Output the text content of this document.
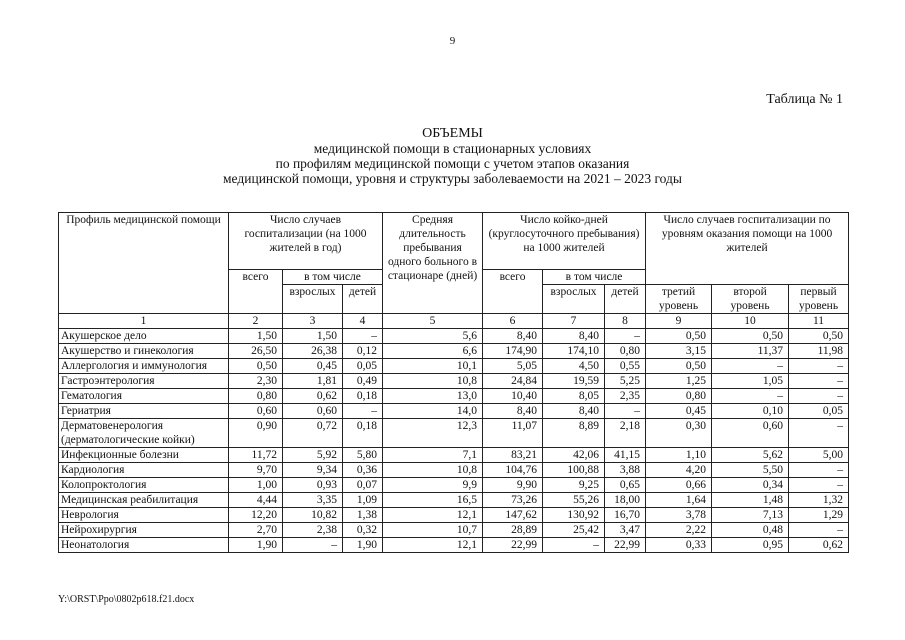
9
Таблица № 1
ОБЪЕМЫ
медицинской помощи в стационарных условиях
по профилям медицинской помощи с учетом этапов оказания
медицинской помощи, уровня и структуры заболеваемости на 2021 – 2023 годы
Профиль медицинской помощи	Число случаев госпитализации (на 1000 жителей в год)			Средняя длительность пребывания одного больного в стационаре (дней)	Число койко-дней (круглосуточного пребывания) на 1000 жителей			Число случаев госпитализации по уровням оказания помощи на 1000 жителей		
	всего	в том числе			всего	в том числе				
		взрослых	детей			взрослых	детей	третий уровень	второй уровень	первый уровень
1	2	3	4	5	6	7	8	9	10	11
Акушерское дело	1,50	1,50	–	5,6	8,40	8,40	–	0,50	0,50	0,50
Акушерство и гинекология	26,50	26,38	0,12	6,6	174,90	174,10	0,80	3,15	11,37	11,98
Аллергология и иммунология	0,50	0,45	0,05	10,1	5,05	4,50	0,55	0,50	–	–
Гастроэнтерология	2,30	1,81	0,49	10,8	24,84	19,59	5,25	1,25	1,05	–
Гематология	0,80	0,62	0,18	13,0	10,40	8,05	2,35	0,80	–	–
Гериатрия	0,60	0,60	–	14,0	8,40	8,40	–	0,45	0,10	0,05
Дерматовенерология (дерматологические койки)	0,90	0,72	0,18	12,3	11,07	8,89	2,18	0,30	0,60	–
Инфекционные болезни	11,72	5,92	5,80	7,1	83,21	42,06	41,15	1,10	5,62	5,00
Кардиология	9,70	9,34	0,36	10,8	104,76	100,88	3,88	4,20	5,50	–
Колопроктология	1,00	0,93	0,07	9,9	9,90	9,25	0,65	0,66	0,34	–
Медицинская реабилитация	4,44	3,35	1,09	16,5	73,26	55,26	18,00	1,64	1,48	1,32
Неврология	12,20	10,82	1,38	12,1	147,62	130,92	16,70	3,78	7,13	1,29
Нейрохирургия	2,70	2,38	0,32	10,7	28,89	25,42	3,47	2,22	0,48	–
Неонатология	1,90	–	1,90	12,1	22,99	–	22,99	0,33	0,95	0,62
Y:\ORST\Ppo\0802p618.f21.docx
